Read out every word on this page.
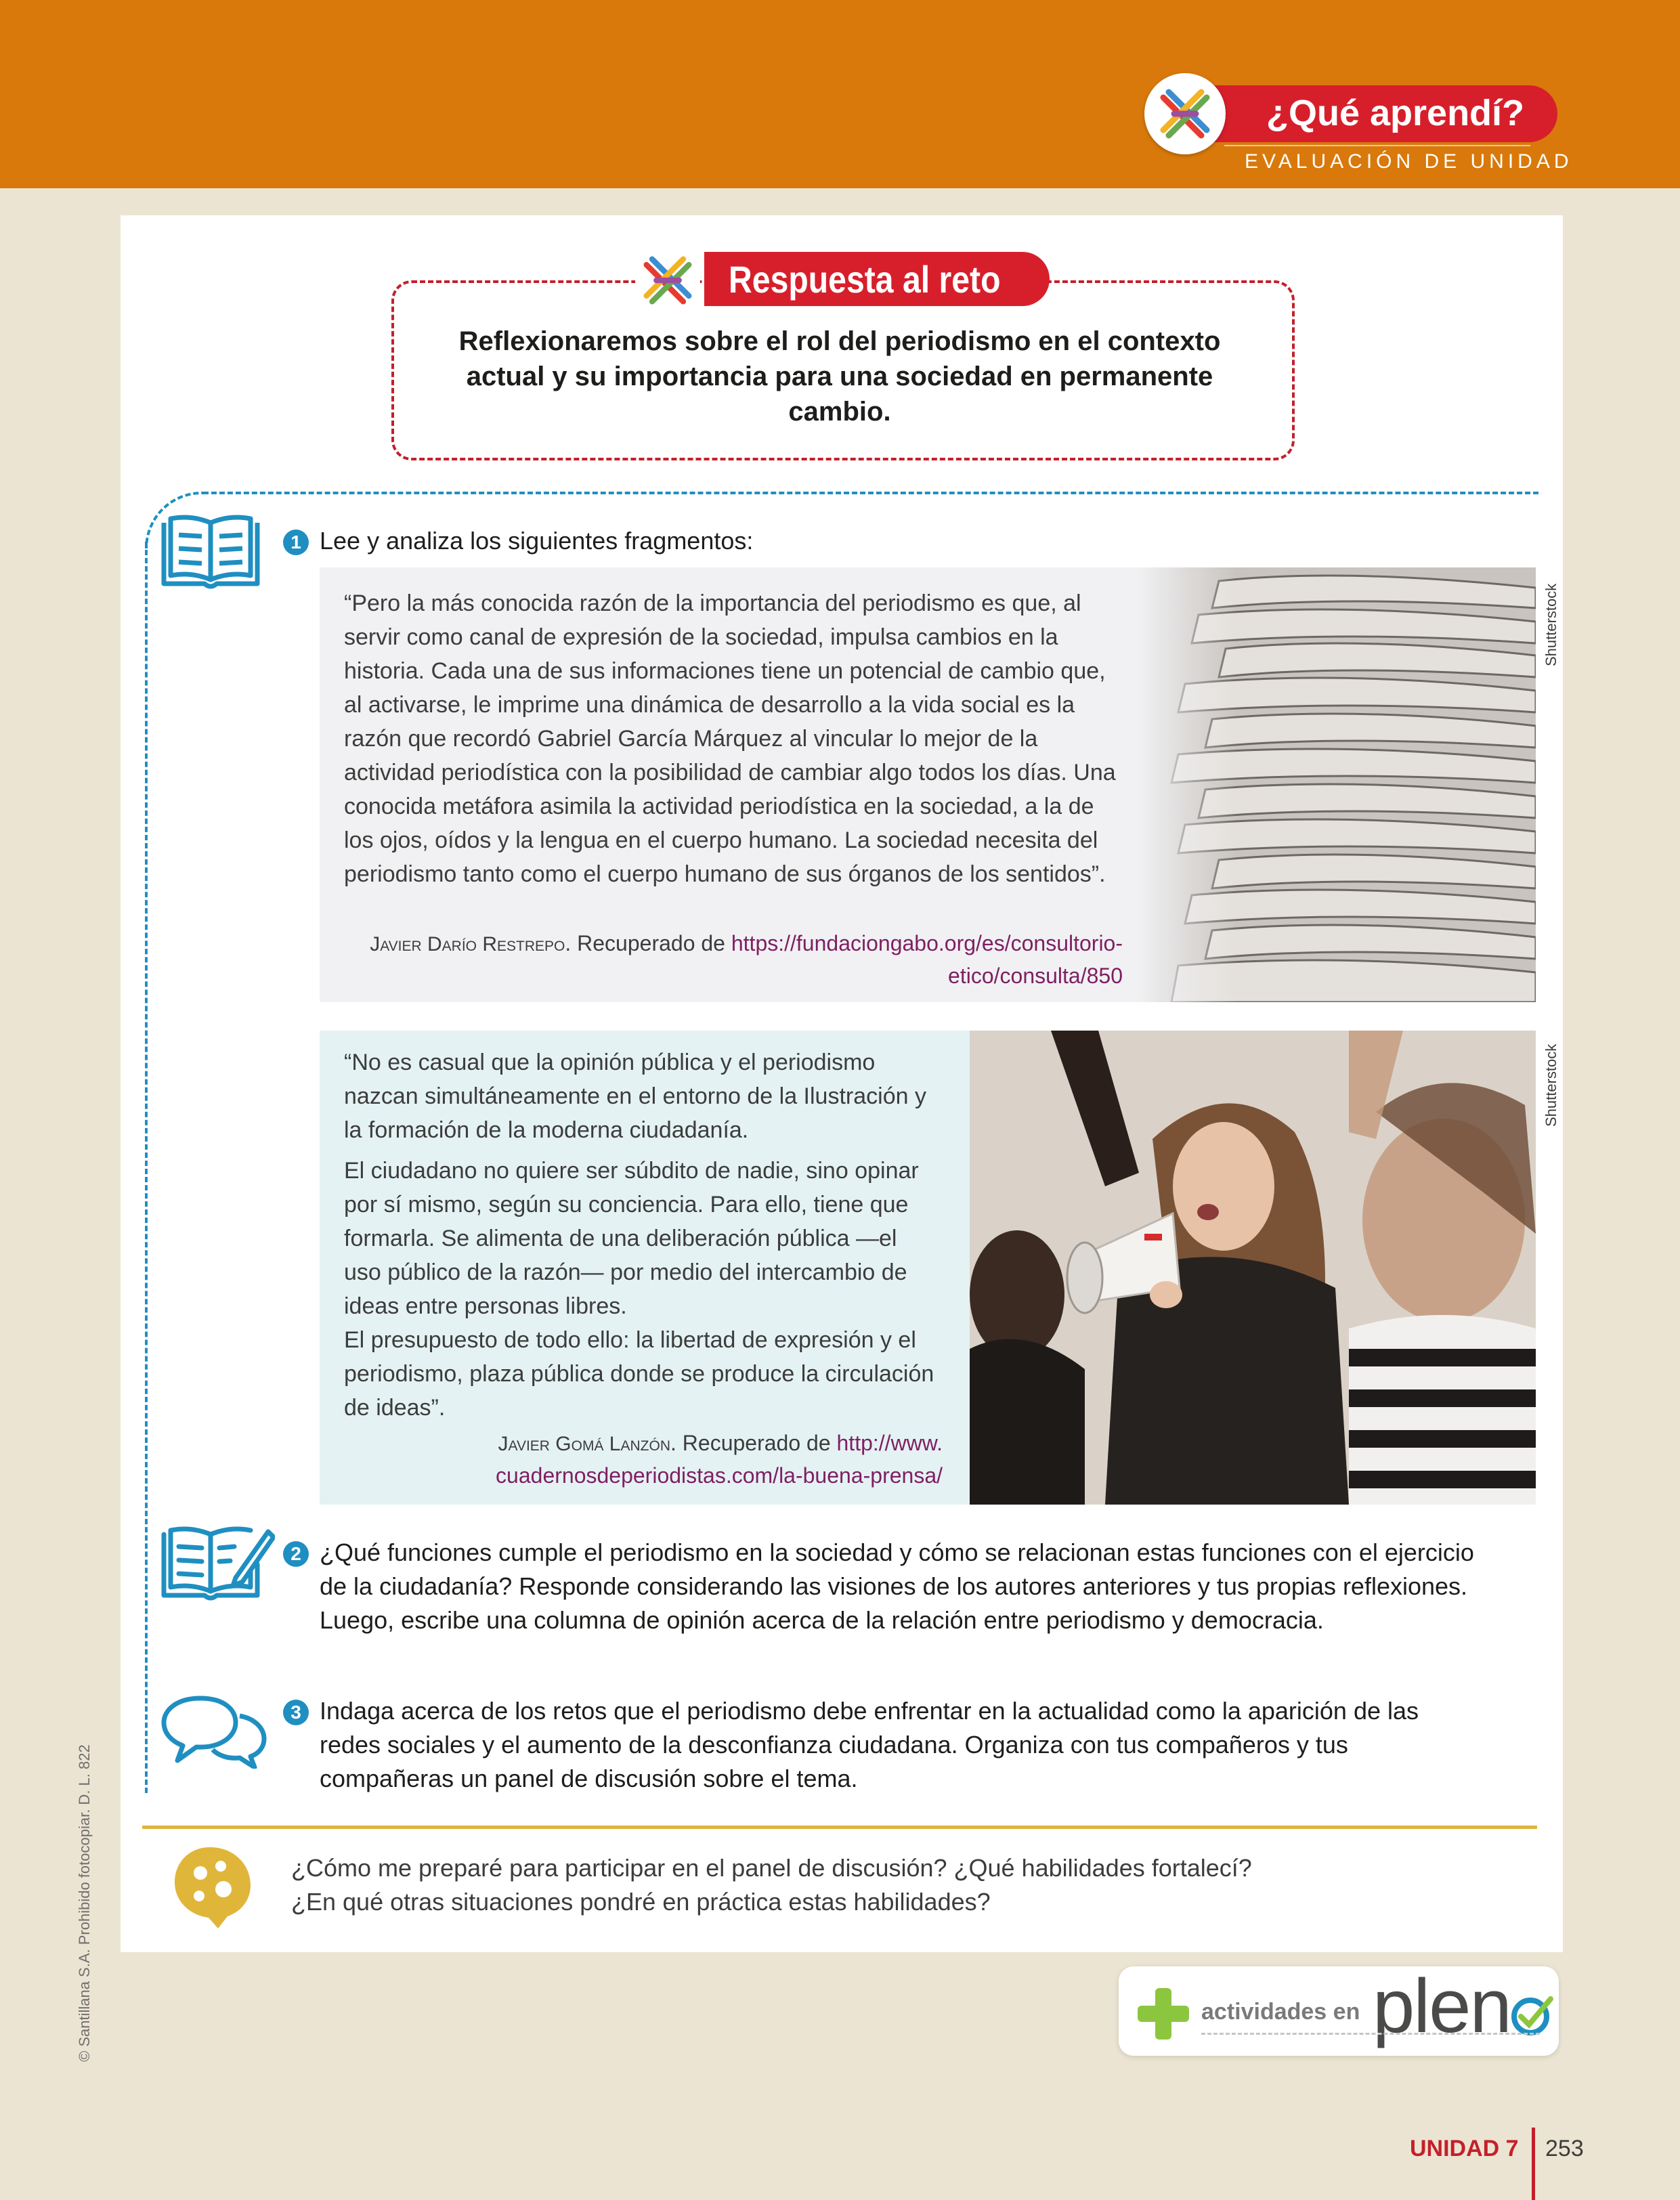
¿Qué aprendí?
EVALUACIÓN DE UNIDAD
Respuesta al reto
Reflexionaremos sobre el rol del periodismo en el contexto actual y su importancia para una sociedad en permanente cambio.
1 Lee y analiza los siguientes fragmentos:
Shutterstock
“Pero la más conocida razón de la importancia del periodismo es que, al servir como canal de expresión de la sociedad, impulsa cambios en la historia. Cada una de sus informaciones tiene un potencial de cambio que, al activarse, le imprime una dinámica de desarrollo a la vida social es la razón que recordó Gabriel García Márquez al vincular lo mejor de la actividad periodística con la posibilidad de cambiar algo todos los días. Una conocida metáfora asimila la actividad periodística en la sociedad, a la de los ojos, oídos y la lengua en el cuerpo humano. La sociedad necesita del periodismo tanto como el cuerpo humano de sus órganos de los sentidos”.
Javier Darío Restrepo. Recuperado de https://fundaciongabo.org/es/consultorio-
etico/consulta/850
Shutterstock
“No es casual que la opinión pública y el periodismo nazcan simultáneamente en el entorno de la Ilustración y la formación de la moderna ciudadanía.
El ciudadano no quiere ser súbdito de nadie, sino opinar por sí mismo, según su conciencia. Para ello, tiene que formarla. Se alimenta de una deliberación pública —el uso público de la razón— por medio del intercambio de ideas entre personas libres.
El presupuesto de todo ello: la libertad de expresión y el periodismo, plaza pública donde se produce la circulación de ideas”.
Javier Gomá Lanzón. Recuperado de http://www.
cuadernosdeperiodistas.com/la-buena-prensa/
2 ¿Qué funciones cumple el periodismo en la sociedad y cómo se relacionan estas funciones con el ejercicio de la ciudadanía? Responde considerando las visiones de los autores anteriores y tus propias reflexiones. Luego, escribe una columna de opinión acerca de la relación entre periodismo y democracia.
3 Indaga acerca de los retos que el periodismo debe enfrentar en la actualidad como la aparición de las redes sociales y el aumento de la desconfianza ciudadana. Organiza con tus compañeros y tus compañeras un panel de discusión sobre el tema.
¿Cómo me preparé para participar en el panel de discusión? ¿Qué habilidades fortalecí?
¿En qué otras situaciones pondré en práctica estas habilidades?
actividades en plen
© Santillana S.A. Prohibido fotocopiar. D. L. 822
UNIDAD 7 253
